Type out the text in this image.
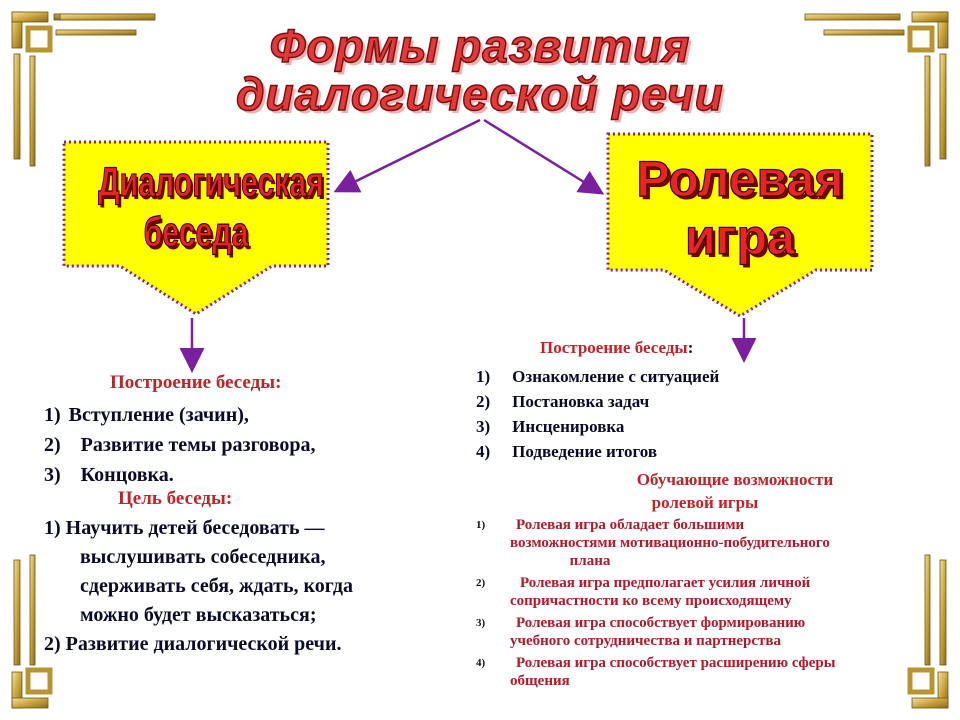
Формы развития
диалогической речи
Диалогическая
беседа
Ролевая
игра
Построение беседы:
1) Вступление (зачин),
2) Развитие темы разговора,
3) Концовка.
Цель беседы:
1) Научить детей беседовать —
выслушивать собеседника,
сдерживать себя, ждать, когда
можно будет высказаться;
2) Развитие диалогической речи.
Построение беседы:
1) Ознакомление с ситуацией
2) Постановка задач
3) Инсценировка
4) Подведение итогов
Обучающие возможности
ролевой игры
1)	Ролевая игра обладает большими
возможностями мотивационно-побудительного
плана
2)	Ролевая игра предполагает усилия личной
сопричастности ко всему происходящему
3)	Ролевая игра способствует формированию
учебного сотрудничества и партнерства
4)	Ролевая игра способствует расширению сферы
общения
